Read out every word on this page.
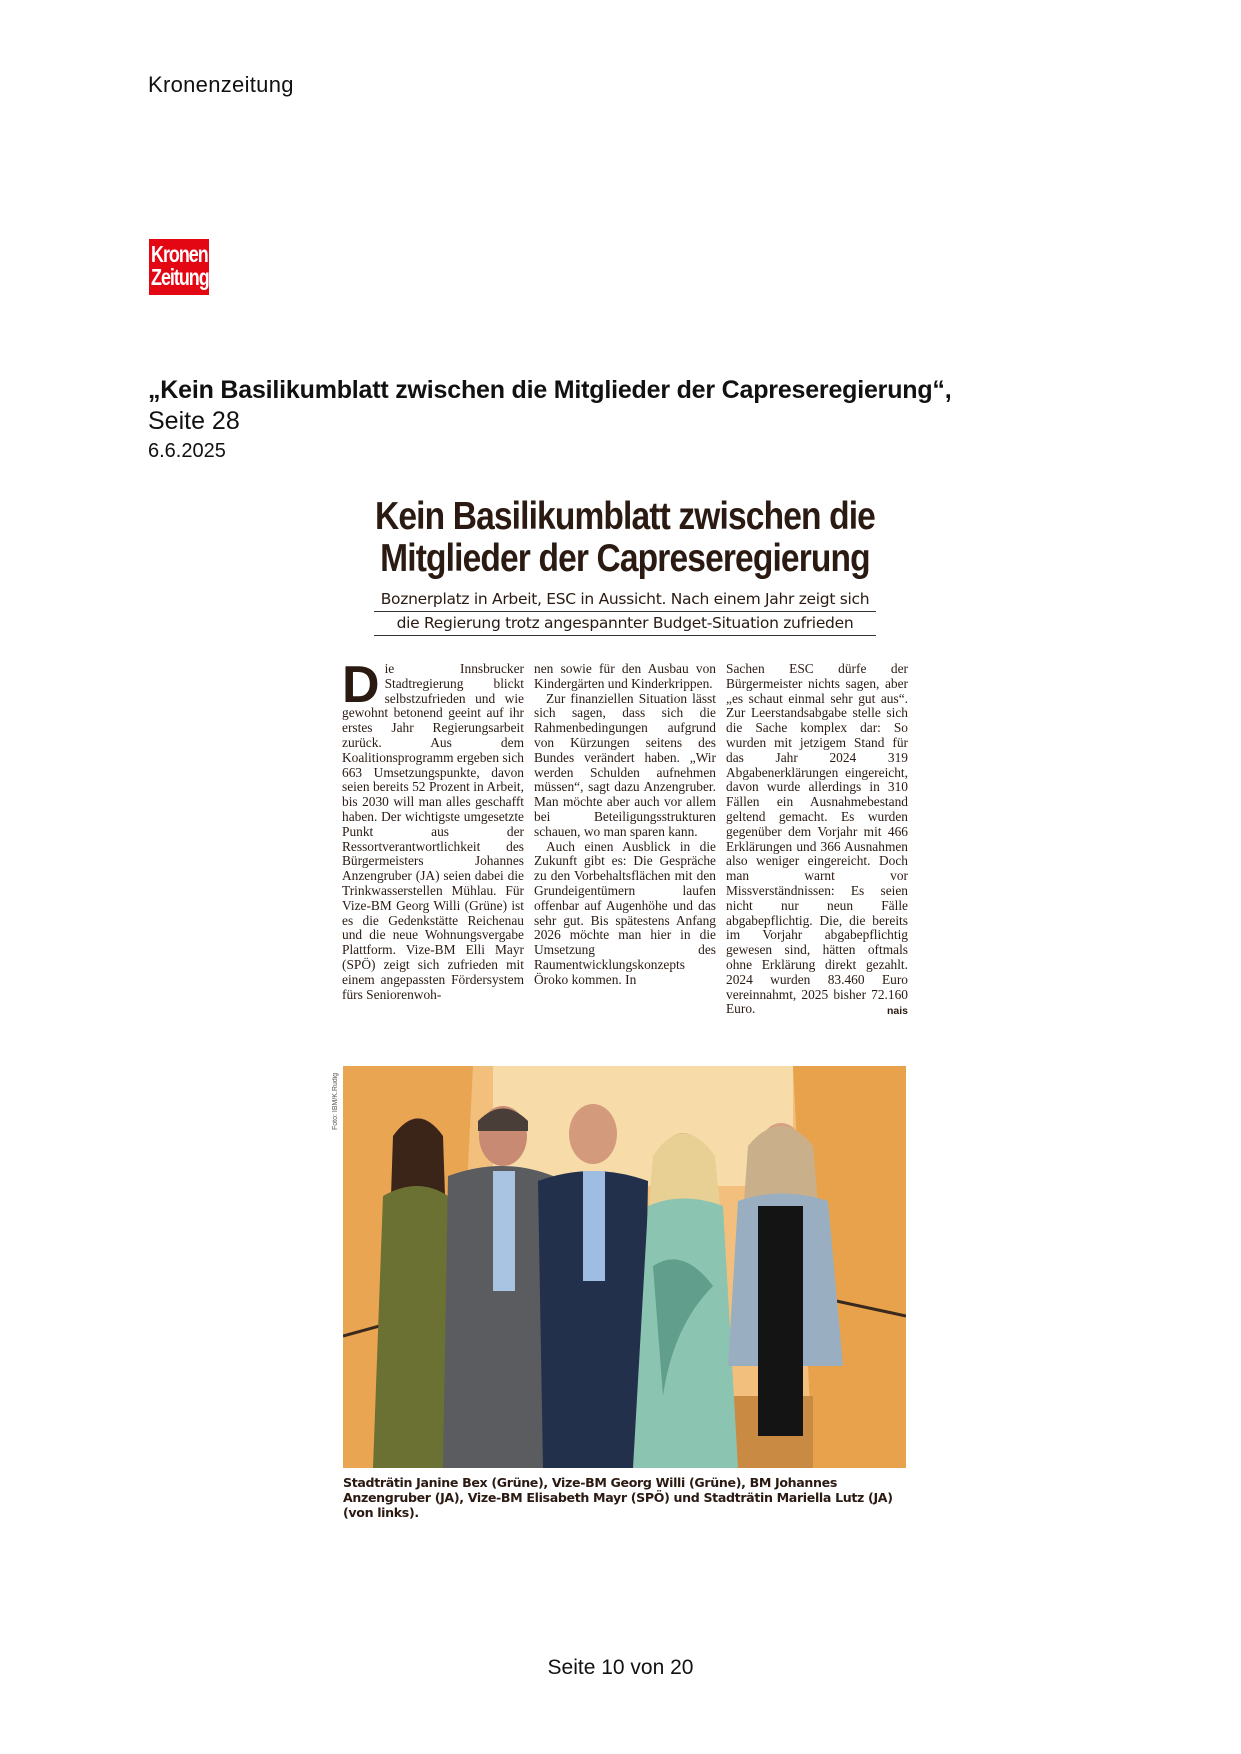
Kronenzeitung
Kronen
Zeitung
„Kein Basilikumblatt zwischen die Mitglieder der Capreseregierung“,
Seite 28
6.6.2025
Kein Basilikumblatt zwischen die
Mitglieder der Capreseregierung
Boznerplatz in Arbeit, ESC in Aussicht. Nach einem Jahr zeigt sich
die Regierung trotz angespannter Budget-Situation zufrieden

Die Innsbrucker Stadtregierung blickt selbstzufrieden und wie gewohnt betonend geeint auf ihr erstes Jahr Regierungsarbeit zurück. Aus dem Koalitionsprogramm ergeben sich 663 Umsetzungspunkte, davon seien bereits 52 Prozent in Arbeit, bis 2030 will man alles geschafft haben. Der wichtigste umgesetzte Punkt aus der Ressortverantwortlichkeit des Bürgermeisters Johannes Anzengruber (JA) seien dabei die Trinkwasserstellen Mühlau. Für Vize-BM Georg Willi (Grüne) ist es die Gedenkstätte Reichenau und die neue Wohnungsvergabe Plattform. Vize-BM Elli Mayr (SPÖ) zeigt sich zufrieden mit einem angepassten Fördersystem fürs Seniorenwoh-

nen sowie für den Ausbau von Kindergärten und Kinderkrippen.

Zur finanziellen Situation lässt sich sagen, dass sich die Rahmenbedingungen aufgrund von Kürzungen seitens des Bundes verändert haben. „Wir werden Schulden aufnehmen müssen“, sagt dazu Anzengruber. Man möchte aber auch vor allem bei Beteiligungsstrukturen schauen, wo man sparen kann.

Auch einen Ausblick in die Zukunft gibt es: Die Gespräche zu den Vorbehaltsflächen mit den Grundeigentümern laufen offenbar auf Augenhöhe und das sehr gut. Bis spätestens Anfang 2026 möchte man hier in die Umsetzung des Raumentwicklungskonzepts Öroko kommen. In

Sachen ESC dürfe der Bürgermeister nichts sagen, aber „es schaut einmal sehr gut aus“. Zur Leerstandsabgabe stelle sich die Sache komplex dar: So wurden mit jetzigem Stand für das Jahr 2024 319 Abgabenerklärungen eingereicht, davon wurde allerdings in 310 Fällen ein Ausnahmebestand geltend gemacht. Es wurden gegenüber dem Vorjahr mit 466 Erklärungen und 366 Ausnahmen also weniger eingereicht. Doch man warnt vor Missverständnissen: Es seien nicht nur neun Fälle abgabepflichtig. Die, die bereits im Vorjahr abgabepflichtig gewesen sind, hätten oftmals ohne Erklärung direkt gezahlt. 2024 wurden 83.460 Euro vereinnahmt, 2025 bisher 72.160 Euro.	nais

Foto: IBM/K.Rudig
Stadträtin Janine Bex (Grüne), Vize-BM Georg Willi (Grüne), BM Johannes Anzengruber (JA), Vize-BM Elisabeth Mayr (SPÖ) und Stadträtin Mariella Lutz (JA) (von links).
Seite 10 von 20
